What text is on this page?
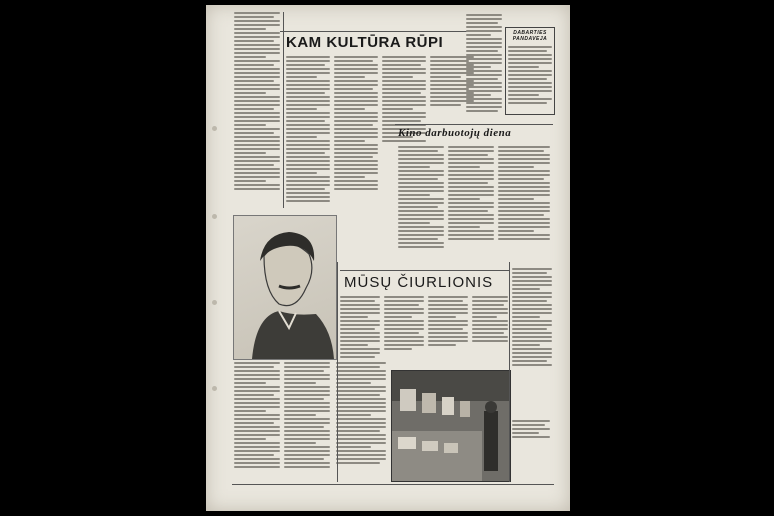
KAM KULTŪRA RŪPI
DABARTIES PANDAVEJA
Kino darbuotojų diena
MŪSŲ ČIURLIONIS
